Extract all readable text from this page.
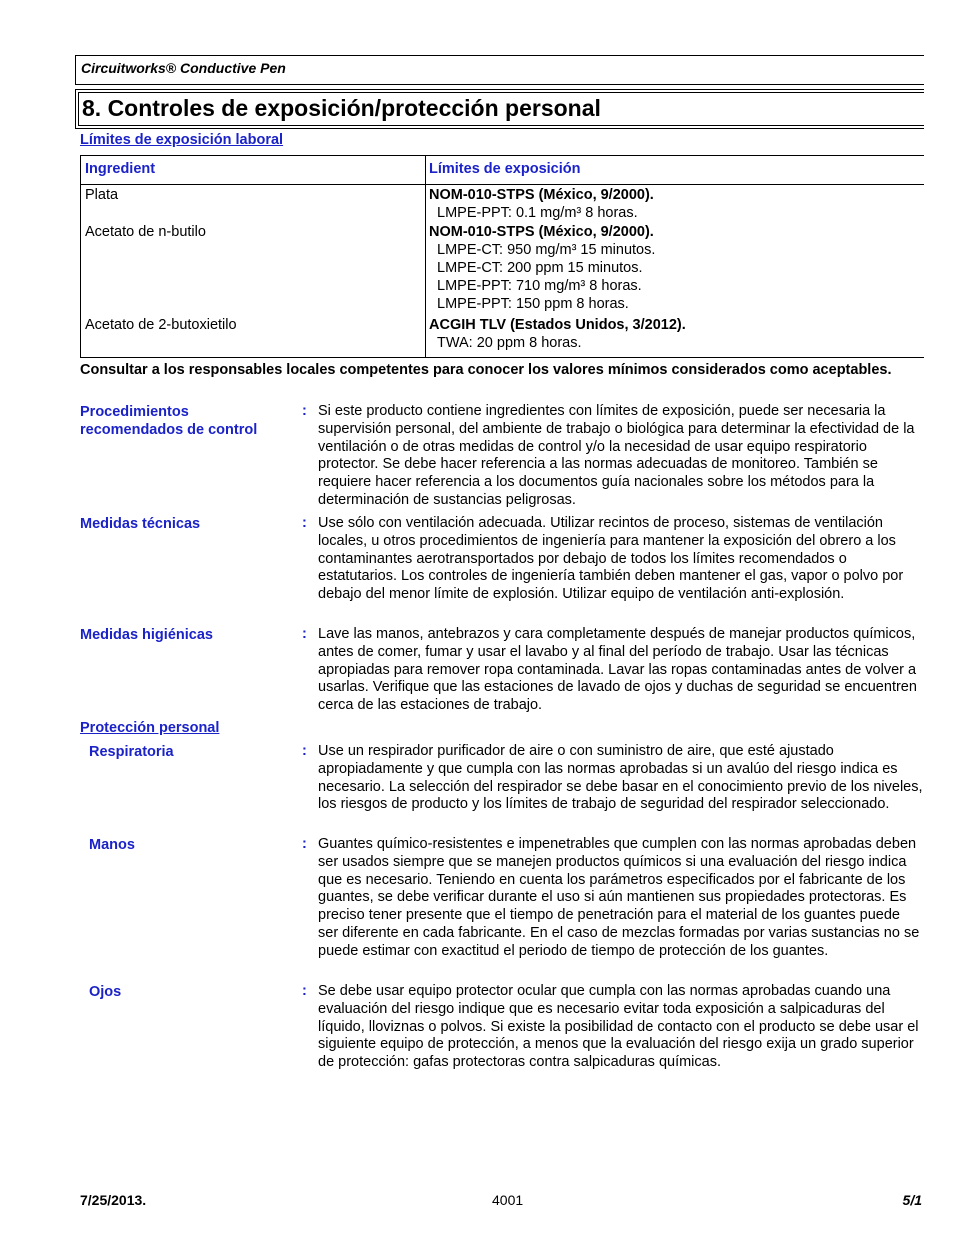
Circuitworks® Conductive Pen
8. Controles de exposición/protección personal
Límites de exposición laboral
Ingredient	Límites de exposición
Plata	NOM-010-STPS (México, 9/2000).
LMPE-PPT: 0.1 mg/m³ 8 horas.
Acetato de n-butilo	NOM-010-STPS (México, 9/2000).
LMPE-CT: 950 mg/m³ 15 minutos.
LMPE-CT: 200 ppm 15 minutos.
LMPE-PPT: 710 mg/m³ 8 horas.
LMPE-PPT: 150 ppm 8 horas.
Acetato de 2-butoxietilo	ACGIH TLV (Estados Unidos, 3/2012).
TWA: 20 ppm 8 horas.
Consultar a los responsables locales competentes para conocer los valores mínimos considerados como aceptables.
Procedimientos recomendados de control
: Si este producto contiene ingredientes con límites de exposición, puede ser necesaria la supervisión personal, del ambiente de trabajo o biológica para determinar la efectividad de la ventilación o de otras medidas de control y/o la necesidad de usar equipo respiratorio protector. Se debe hacer referencia a las normas adecuadas de monitoreo. También se requiere hacer referencia a los documentos guía nacionales sobre los métodos para la determinación de sustancias peligrosas.
Medidas técnicas	: Use sólo con ventilación adecuada. Utilizar recintos de proceso, sistemas de ventilación locales, u otros procedimientos de ingeniería para mantener la exposición del obrero a los contaminantes aerotransportados por debajo de todos los límites recomendados o estatutarios. Los controles de ingeniería también deben mantener el gas, vapor o polvo por debajo del menor límite de explosión. Utilizar equipo de ventilación anti-explosión.
Medidas higiénicas	: Lave las manos, antebrazos y cara completamente después de manejar productos químicos, antes de comer, fumar y usar el lavabo y al final del período de trabajo. Usar las técnicas apropiadas para remover ropa contaminada. Lavar las ropas contaminadas antes de volver a usarlas. Verifique que las estaciones de lavado de ojos y duchas de seguridad se encuentren cerca de las estaciones de trabajo.
Protección personal
Respiratoria	: Use un respirador purificador de aire o con suministro de aire, que esté ajustado apropiadamente y que cumpla con las normas aprobadas si un avalúo del riesgo indica es necesario. La selección del respirador se debe basar en el conocimiento previo de los niveles, los riesgos de producto y los límites de trabajo de seguridad del respirador seleccionado.
Manos	: Guantes químico-resistentes e impenetrables que cumplen con las normas aprobadas deben ser usados siempre que se manejen productos químicos si una evaluación del riesgo indica que es necesario. Teniendo en cuenta los parámetros especificados por el fabricante de los guantes, se debe verificar durante el uso si aún mantienen sus propiedades protectoras. Es preciso tener presente que el tiempo de penetración para el material de los guantes puede ser diferente en cada fabricante. En el caso de mezclas formadas por varias sustancias no se puede estimar con exactitud el periodo de tiempo de protección de los guantes.
Ojos	: Se debe usar equipo protector ocular que cumpla con las normas aprobadas cuando una evaluación del riesgo indique que es necesario evitar toda exposición a salpicaduras del líquido, lloviznas o polvos. Si existe la posibilidad de contacto con el producto se debe usar el siguiente equipo de protección, a menos que la evaluación del riesgo exija un grado superior de protección: gafas protectoras contra salpicaduras químicas.
7/25/2013.	4001	5/1
